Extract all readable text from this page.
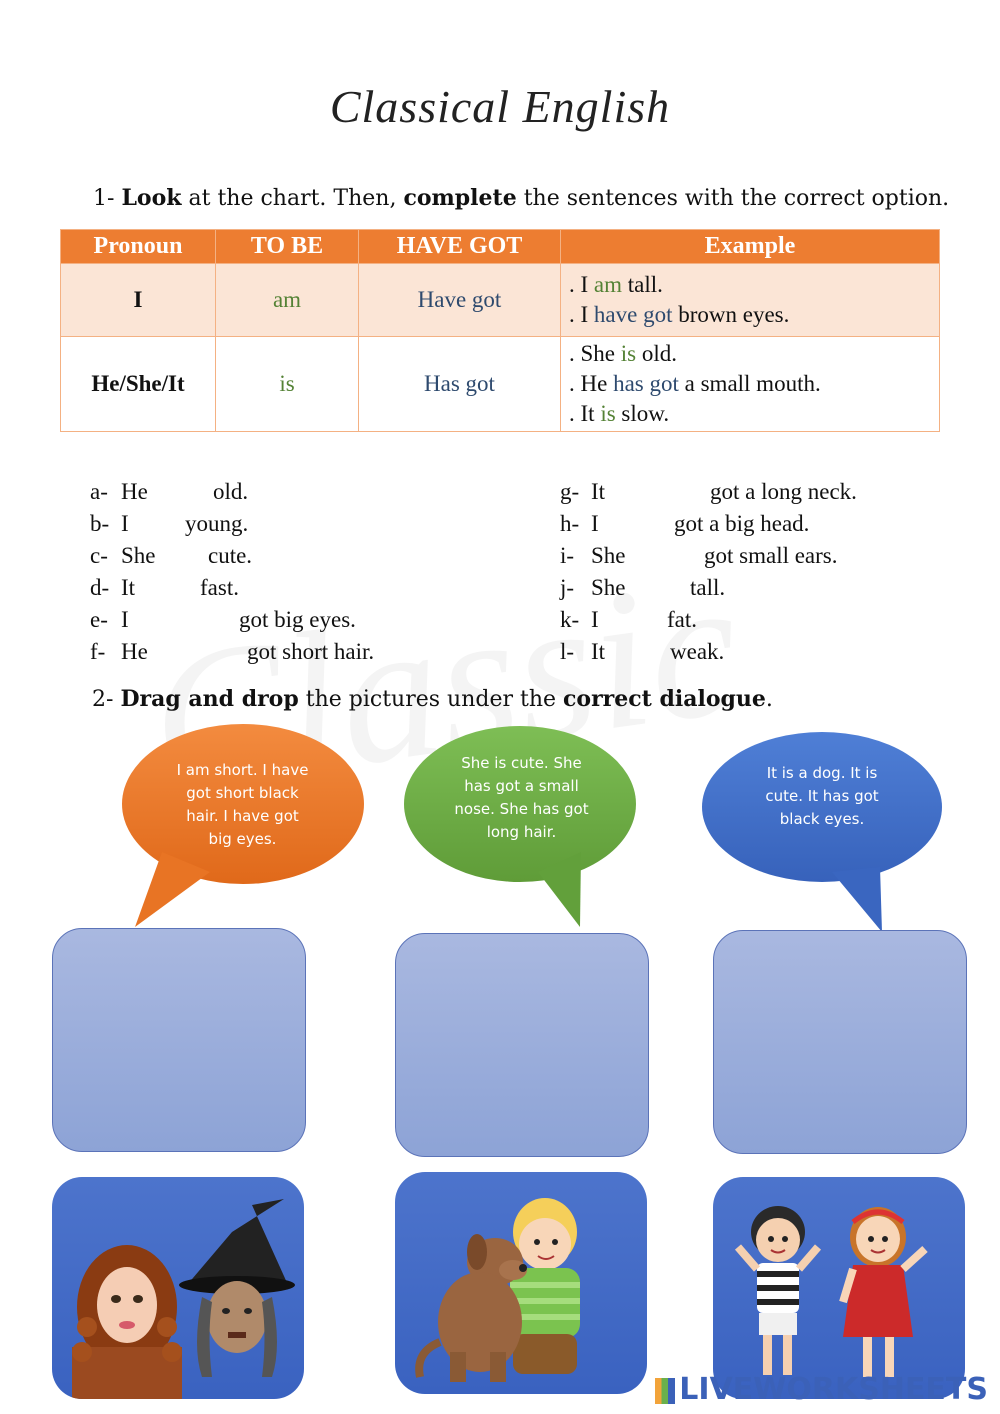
Classical English
1- Look at the chart. Then, complete the sentences with the correct option.
Pronoun	TO BE	HAVE GOT	Example
I	am	Have got	. I am tall.
. I have got brown eyes.

He/She/It	is	Has got	. She is old.
. He has got a small mouth.
. It is slow.
a- He	old.
b- I young.
c- She cute.
d- It	fast.
e- I	got big eyes.
f- He	got short hair.
g- It	got a long neck.
h- I	got a big head.
i- She	got small ears.
j- She	tall.
k- I	fat.
l- It	weak.
2- Drag and drop the pictures under the correct dialogue.
I am short. I have got short black hair. I have got big eyes.
She is cute. She has got a small nose. She has got long hair.
It is a dog. It is cute. It has got black eyes.
LIVEWORKSHEETS
